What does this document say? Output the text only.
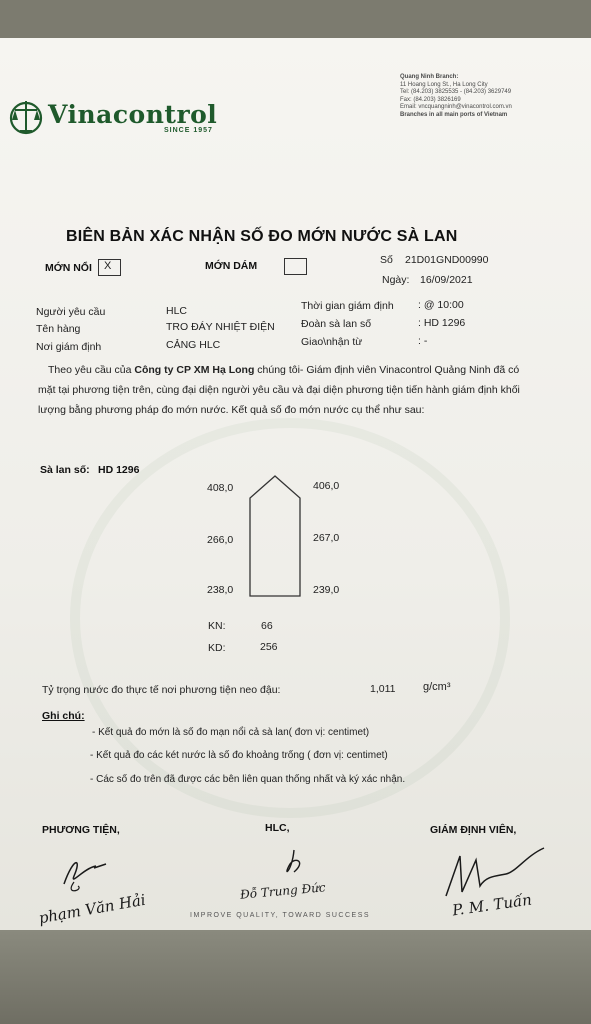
Vinacontrol
SINCE 1957
Quang Ninh Branch:
11 Hoang Long St., Ha Long City
Tel: (84.203) 3825535 - (84.203) 3629749
Fax: (84.203) 3826169
Email: vncquangninh@vinacontrol.com.vn
Branches in all main ports of Vietnam
BIÊN BẢN XÁC NHẬN SỐ ĐO MỚN NƯỚC SÀ LAN
MỚN NỔI X	MỚN DÁM	Số 21D01GND00990
Ngày: 16/09/2021
Người yêu cầu	HLC
Tên hàng	TRO ĐÁY NHIỆT ĐIỆN
Nơi giám định	CẢNG HLC
Thời gian giám định : @ 10:00
Đoàn sà lan số	: HD 1296
Giao\nhận từ	: -
Theo yêu cầu của Công ty CP XM Hạ Long chúng tôi- Giám định viên Vinacontrol Quảng Ninh đã có mặt tại phương tiện trên, cùng đại diện người yêu cầu và đại diện phương tiện tiến hành giám định khối lượng bằng phương pháp đo mớn nước. Kết quả số đo mớn nước cụ thể như sau:
Sà lan số: HD 1296
408,0	406,0
266,0	267,0
238,0	239,0
KN:	66
KD:	256
Tỷ trọng nước đo thực tế nơi phương tiện neo đậu:	1,011	g/cm³
Ghi chú:
- Kết quả đo mớn là số đo mạn nổi cả sà lan( đơn vị: centimet)
- Kết quả đo các két nước là số đo khoảng trống ( đơn vị: centimet)
- Các số đo trên đã được các bên liên quan thống nhất và ký xác nhận.
PHƯƠNG TIỆN,	HLC,	GIÁM ĐỊNH VIÊN,
phạm Văn Hải	Đỗ Trung Đức	P. M. Tuấn
IMPROVE QUALITY, TOWARD SUCCESS
